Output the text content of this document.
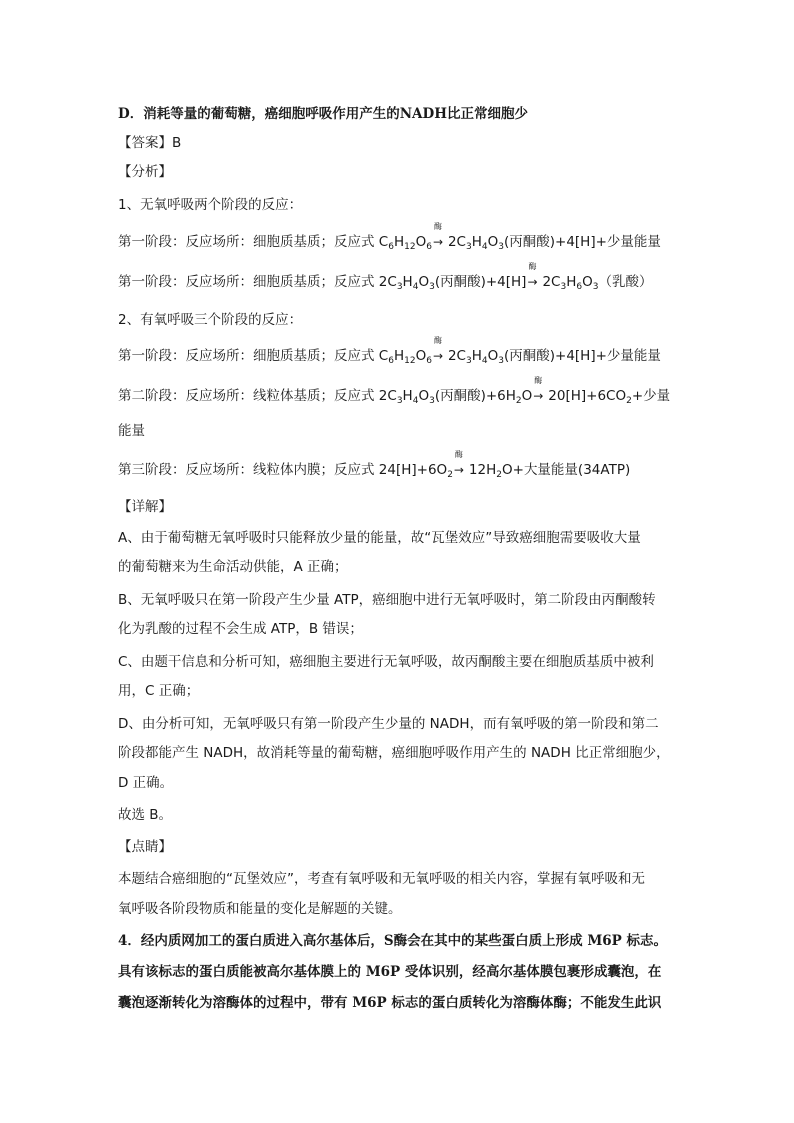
D．消耗等量的葡萄糖，癌细胞呼吸作用产生的NADH比正常细胞少
【答案】B
【分析】
1、无氧呼吸两个阶段的反应：
第一阶段：反应场所：细胞质基质；反应式 $C_6H_{12}O_6$
酶
→ $2C_3H_4O_3$(丙酮酸)+4[H]+少量能量
第一阶段：反应场所：细胞质基质；反应式 $2C_3H_4O_3$(丙酮酸)+4[H]
酶
→ $2C_3H_6O_3$（乳酸）
2、有氧呼吸三个阶段的反应：
第一阶段：反应场所：细胞质基质；反应式 $C_6H_{12}O_6$
酶
→ $2C_3H_4O_3$(丙酮酸)+4[H]+少量能量
第二阶段：反应场所：线粒体基质；反应式 $2C_3H_4O_3$(丙酮酸)$+6H_2O$
酶
→ $20[H]+6CO_2+$少量
能量
第三阶段：反应场所：线粒体内膜；反应式 $24[H]+6O_2$
酶
→ $12H_2O+$大量能量(34ATP)
【详解】
A、由于葡萄糖无氧呼吸时只能释放少量的能量，故“瓦堡效应”导致癌细胞需要吸收大量
的葡萄糖来为生命活动供能，A 正确；
B、无氧呼吸只在第一阶段产生少量 ATP，癌细胞中进行无氧呼吸时，第二阶段由丙酮酸转
化为乳酸的过程不会生成 ATP，B 错误；
C、由题干信息和分析可知，癌细胞主要进行无氧呼吸，故丙酮酸主要在细胞质基质中被利
用，C 正确；
D、由分析可知，无氧呼吸只有第一阶段产生少量的 NADH，而有氧呼吸的第一阶段和第二
阶段都能产生 NADH，故消耗等量的葡萄糖，癌细胞呼吸作用产生的 NADH 比正常细胞少，
D 正确。
故选 B。
【点睛】
本题结合癌细胞的“瓦堡效应”，考查有氧呼吸和无氧呼吸的相关内容，掌握有氧呼吸和无
氧呼吸各阶段物质和能量的变化是解题的关键。
4．经内质网加工的蛋白质进入高尔基体后，S酶会在其中的某些蛋白质上形成 M6P 标志。
具有该标志的蛋白质能被高尔基体膜上的 M6P 受体识别，经高尔基体膜包裹形成囊泡，在
囊泡逐渐转化为溶酶体的过程中，带有 M6P 标志的蛋白质转化为溶酶体酶；不能发生此识
